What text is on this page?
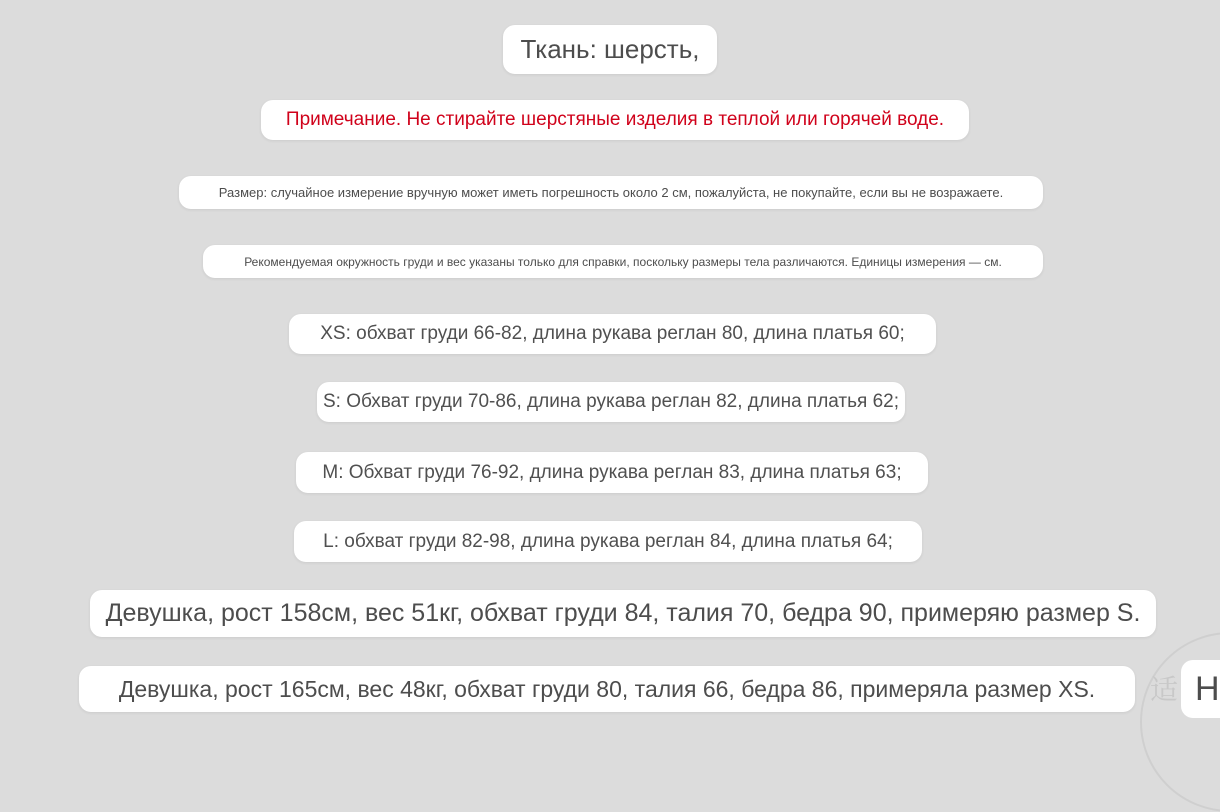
Ткань: шерсть,
Примечание. Не стирайте шерстяные изделия в теплой или горячей воде.
Размер: случайное измерение вручную может иметь погрешность около 2 см, пожалуйста, не покупайте, если вы не возражаете.
Рекомендуемая окружность груди и вес указаны только для справки, поскольку размеры тела различаются. Единицы измерения — см.
XS: обхват груди 66-82, длина рукава реглан 80, длина платья 60;
S: Обхват груди 70-86, длина рукава реглан 82, длина платья 62;
M: Обхват груди 76-92, длина рукава реглан 83, длина платья 63;
L: обхват груди 82-98, длина рукава реглан 84, длина платья 64;
Девушка, рост 158см, вес 51кг, обхват груди 84, талия 70, бедра 90, примеряю размер S.
Девушка, рост 165см, вес 48кг, обхват груди 80, талия 66, бедра 86, примеряла размер XS. 适 Н
